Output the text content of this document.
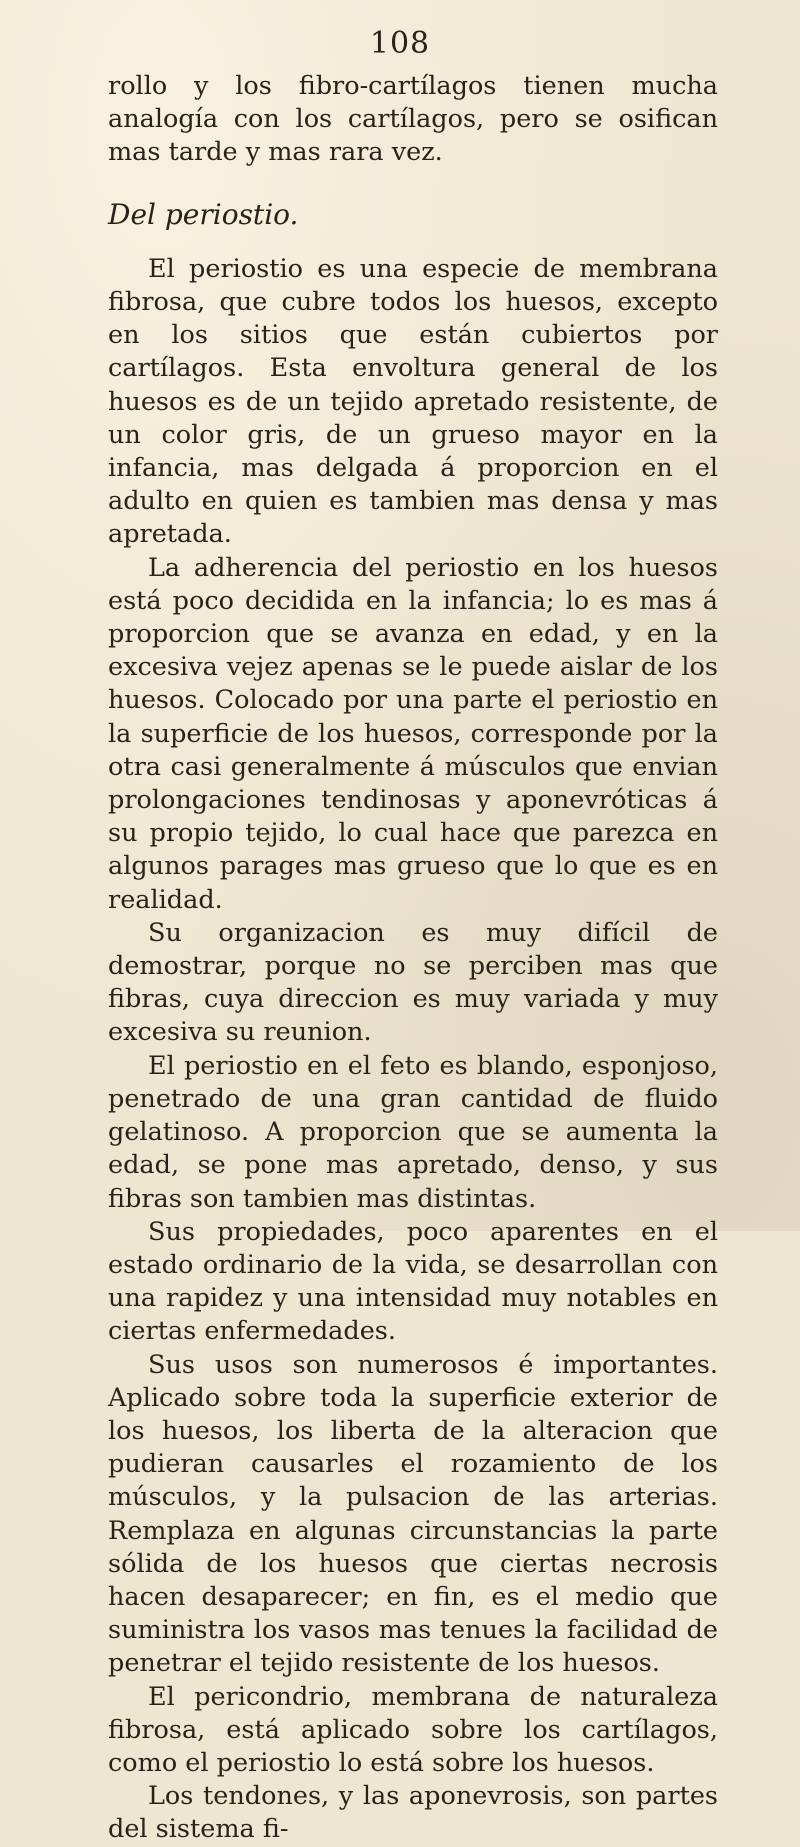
108

rollo y los fibro-cartílagos tienen mucha analogía con los cartílagos, pero se osifican mas tarde y mas rara vez.

Del periostio.

El periostio es una especie de membrana fibrosa, que cubre todos los huesos, excepto en los sitios que están cubiertos por cartílagos. Esta envoltura general de los huesos es de un tejido apretado resistente, de un color gris, de un grueso mayor en la infancia, mas delgada á proporcion en el adulto en quien es tambien mas densa y mas apretada.

La adherencia del periostio en los huesos está poco decidida en la infancia; lo es mas á proporcion que se avanza en edad, y en la excesiva vejez apenas se le puede aislar de los huesos. Colocado por una parte el periostio en la superficie de los huesos, corresponde por la otra casi generalmente á músculos que envian prolongaciones tendinosas y aponevróticas á su propio tejido, lo cual hace que parezca en algunos parages mas grueso que lo que es en realidad.

Su organizacion es muy difícil de demostrar, porque no se perciben mas que fibras, cuya direccion es muy variada y muy excesiva su reunion.

El periostio en el feto es blando, esponjoso, penetrado de una gran cantidad de fluido gelatinoso. A proporcion que se aumenta la edad, se pone mas apretado, denso, y sus fibras son tambien mas distintas.

Sus propiedades, poco aparentes en el estado ordinario de la vida, se desarrollan con una rapidez y una intensidad muy notables en ciertas enfermedades.

Sus usos son numerosos é importantes. Aplicado sobre toda la superficie exterior de los huesos, los liberta de la alteracion que pudieran causarles el rozamiento de los músculos, y la pulsacion de las arterias. Remplaza en algunas circunstancias la parte sólida de los huesos que ciertas necrosis hacen desaparecer; en fin, es el medio que suministra los vasos mas tenues la facilidad de penetrar el tejido resistente de los huesos.

El pericondrio, membrana de naturaleza fibrosa, está aplicado sobre los cartílagos, como el periostio lo está sobre los huesos.

Los tendones, y las aponevrosis, son partes del sistema fi-
